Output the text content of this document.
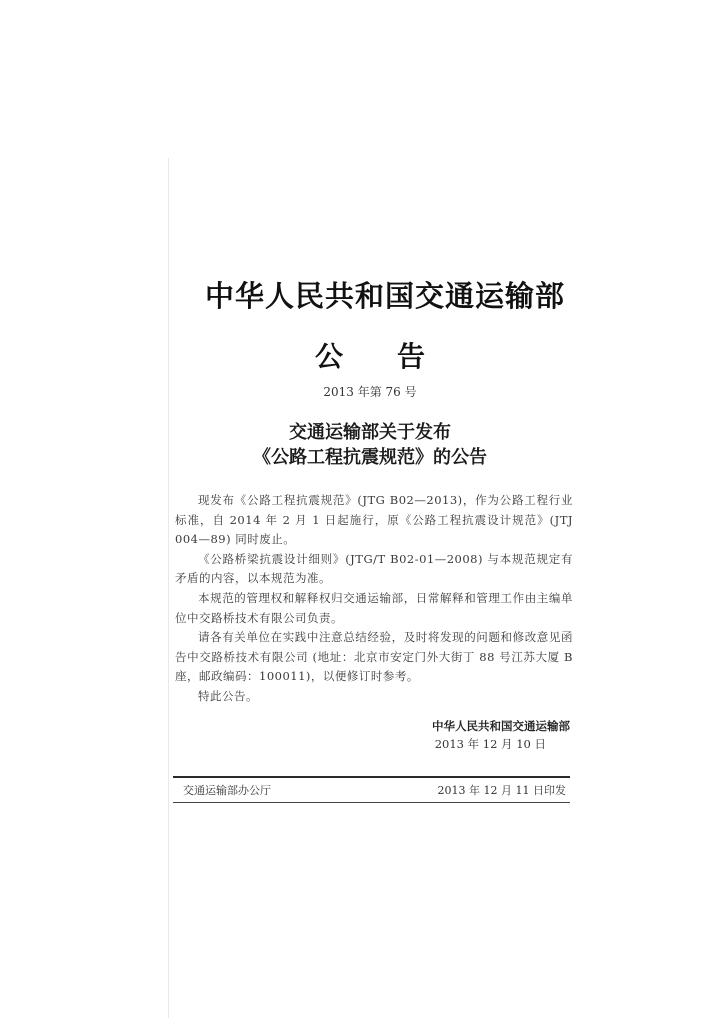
中华人民共和国交通运输部
公告
2013 年第 76 号
交通运输部关于发布
《公路工程抗震规范》的公告

现发布《公路工程抗震规范》(JTG B02—2013)，作为公路工程行业标准，自 2014 年 2 月 1 日起施行，原《公路工程抗震设计规范》(JTJ 004—89) 同时废止。

《公路桥梁抗震设计细则》(JTG/T B02-01—2008) 与本规范规定有矛盾的内容，以本规范为准。

本规范的管理权和解释权归交通运输部，日常解释和管理工作由主编单位中交路桥技术有限公司负责。

请各有关单位在实践中注意总结经验，及时将发现的问题和修改意见函告中交路桥技术有限公司 (地址：北京市安定门外大街丁 88 号江苏大厦 B 座，邮政编码：100011)，以便修订时参考。

特此公告。

中华人民共和国交通运输部
2013 年 12 月 10 日
交通运输部办公厅	2013 年 12 月 11 日印发
